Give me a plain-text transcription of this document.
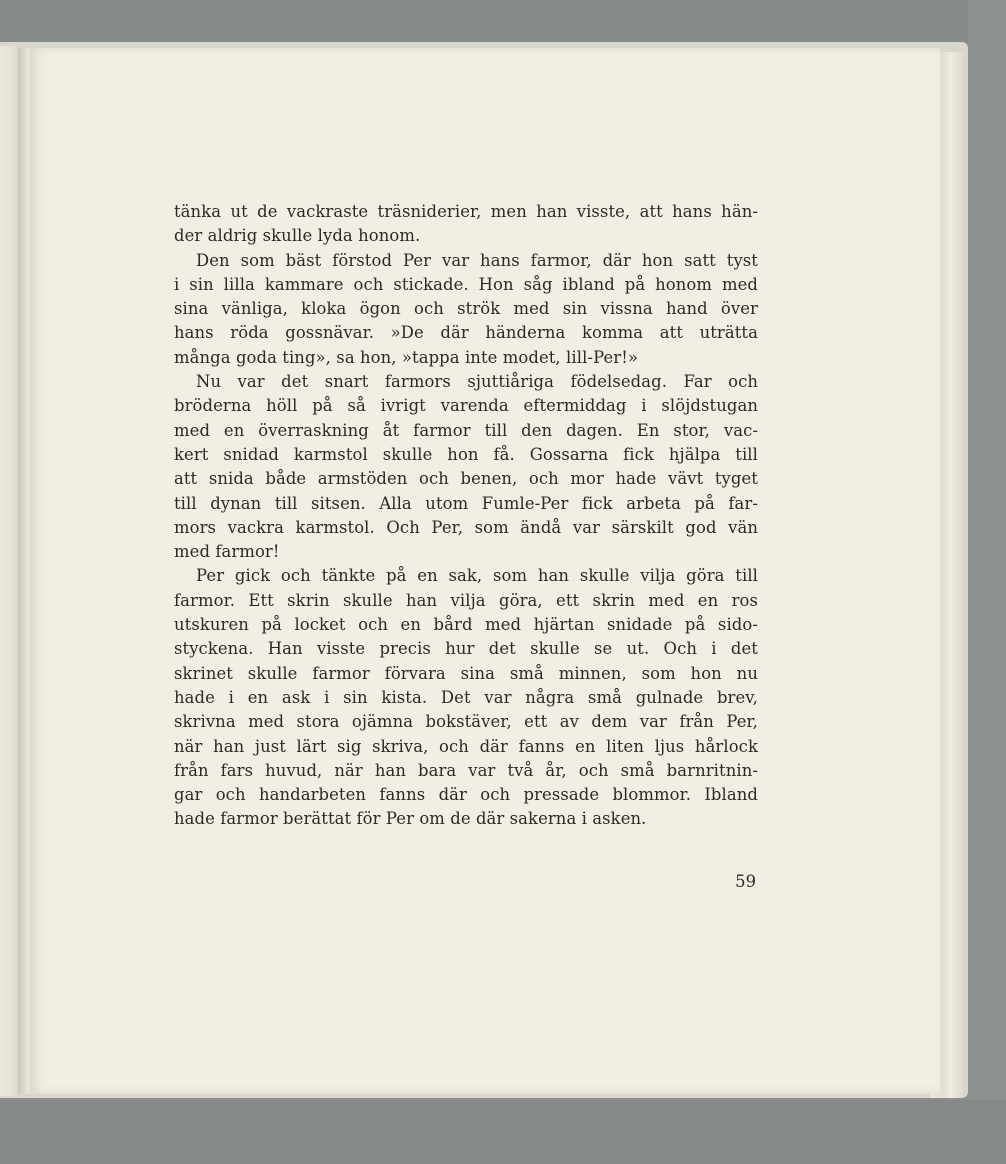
tänka ut de vackraste träsniderier, men han visste, att hans hän-
der aldrig skulle lyda honom.
Den som bäst förstod Per var hans farmor, där hon satt tyst
i sin lilla kammare och stickade. Hon såg ibland på honom med
sina vänliga, kloka ögon och strök med sin vissna hand över
hans röda gossnävar. »De där händerna komma att uträtta
många goda ting», sa hon, »tappa inte modet, lill-Per!»
Nu var det snart farmors sjuttiåriga födelsedag. Far och
bröderna höll på så ivrigt varenda eftermiddag i slöjdstugan
med en överraskning åt farmor till den dagen. En stor, vac-
kert snidad karmstol skulle hon få. Gossarna fick hjälpa till
att snida både armstöden och benen, och mor hade vävt tyget
till dynan till sitsen. Alla utom Fumle-Per fick arbeta på far-
mors vackra karmstol. Och Per, som ändå var särskilt god vän
med farmor!
Per gick och tänkte på en sak, som han skulle vilja göra till
farmor. Ett skrin skulle han vilja göra, ett skrin med en ros
utskuren på locket och en bård med hjärtan snidade på sido-
styckena. Han visste precis hur det skulle se ut. Och i det
skrinet skulle farmor förvara sina små minnen, som hon nu
hade i en ask i sin kista. Det var några små gulnade brev,
skrivna med stora ojämna bokstäver, ett av dem var från Per,
när han just lärt sig skriva, och där fanns en liten ljus hårlock
från fars huvud, när han bara var två år, och små barnritnin-
gar och handarbeten fanns där och pressade blommor. Ibland
hade farmor berättat för Per om de där sakerna i asken.
59
